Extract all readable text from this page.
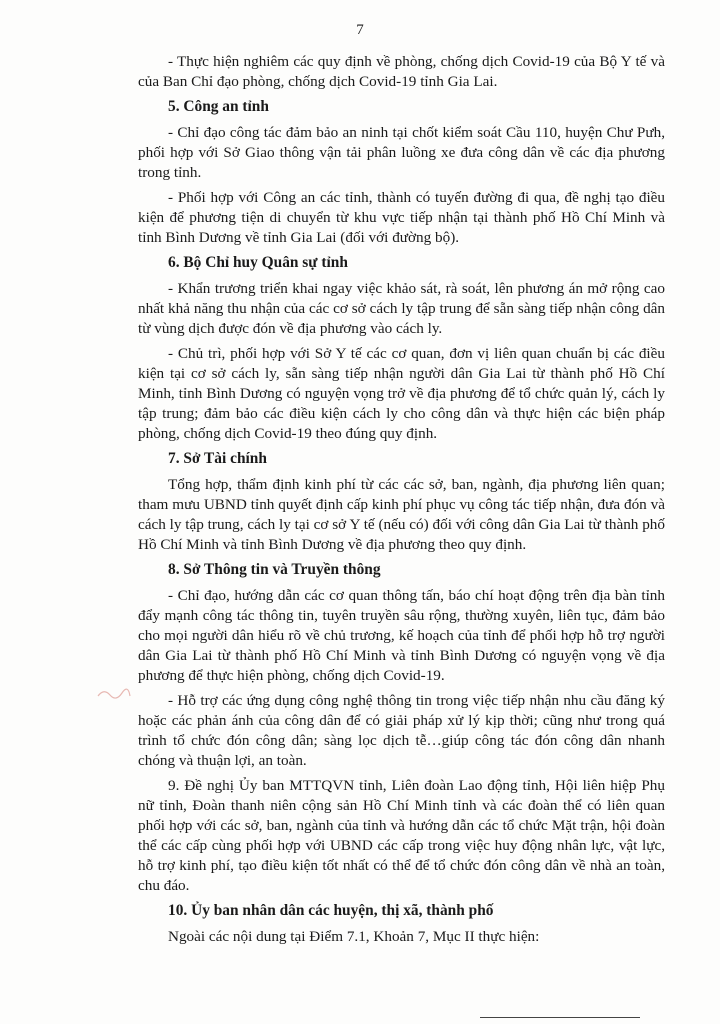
7

- Thực hiện nghiêm các quy định về phòng, chống dịch Covid-19 của Bộ Y tế và của Ban Chỉ đạo phòng, chống dịch Covid-19 tỉnh Gia Lai.

5. Công an tỉnh

- Chỉ đạo công tác đảm bảo an ninh tại chốt kiểm soát Cầu 110, huyện Chư Pưh, phối hợp với Sở Giao thông vận tải phân luồng xe đưa công dân về các địa phương trong tỉnh.

- Phối hợp với Công an các tỉnh, thành có tuyến đường đi qua, đề nghị tạo điều kiện để phương tiện di chuyển từ khu vực tiếp nhận tại thành phố Hồ Chí Minh và tỉnh Bình Dương về tỉnh Gia Lai (đối với đường bộ).

6. Bộ Chỉ huy Quân sự tỉnh

- Khẩn trương triển khai ngay việc khảo sát, rà soát, lên phương án mở rộng cao nhất khả năng thu nhận của các cơ sở cách ly tập trung để sẵn sàng tiếp nhận công dân từ vùng dịch được đón về địa phương vào cách ly.

- Chủ trì, phối hợp với Sở Y tế các cơ quan, đơn vị liên quan chuẩn bị các điều kiện tại cơ sở cách ly, sẵn sàng tiếp nhận người dân Gia Lai từ thành phố Hồ Chí Minh, tỉnh Bình Dương có nguyện vọng trở về địa phương để tổ chức quản lý, cách ly tập trung; đảm bảo các điều kiện cách ly cho công dân và thực hiện các biện pháp phòng, chống dịch Covid-19 theo đúng quy định.

7. Sở Tài chính

Tổng hợp, thẩm định kinh phí từ các các sở, ban, ngành, địa phương liên quan; tham mưu UBND tỉnh quyết định cấp kinh phí phục vụ công tác tiếp nhận, đưa đón và cách ly tập trung, cách ly tại cơ sở Y tế (nếu có) đối với công dân Gia Lai từ thành phố Hồ Chí Minh và tỉnh Bình Dương về địa phương theo quy định.

8. Sở Thông tin và Truyền thông

- Chỉ đạo, hướng dẫn các cơ quan thông tấn, báo chí hoạt động trên địa bàn tỉnh đẩy mạnh công tác thông tin, tuyên truyền sâu rộng, thường xuyên, liên tục, đảm bảo cho mọi người dân hiểu rõ về chủ trương, kế hoạch của tỉnh để phối hợp hỗ trợ người dân Gia Lai từ thành phố Hồ Chí Minh và tỉnh Bình Dương có nguyện vọng về địa phương để thực hiện phòng, chống dịch Covid-19.

- Hỗ trợ các ứng dụng công nghệ thông tin trong việc tiếp nhận nhu cầu đăng ký hoặc các phản ánh của công dân để có giải pháp xử lý kịp thời; cũng như trong quá trình tổ chức đón công dân; sàng lọc dịch tễ…giúp công tác đón công dân nhanh chóng và thuận lợi, an toàn.

9. Đề nghị Ủy ban MTTQVN tỉnh, Liên đoàn Lao động tỉnh, Hội liên hiệp Phụ nữ tỉnh, Đoàn thanh niên cộng sản Hồ Chí Minh tỉnh và các đoàn thể có liên quan phối hợp với các sở, ban, ngành của tỉnh và hướng dẫn các tổ chức Mặt trận, hội đoàn thể các cấp cùng phối hợp với UBND các cấp trong việc huy động nhân lực, vật lực, hỗ trợ kinh phí, tạo điều kiện tốt nhất có thể để tổ chức đón công dân về nhà an toàn, chu đáo.

10. Ủy ban nhân dân các huyện, thị xã, thành phố

Ngoài các nội dung tại Điểm 7.1, Khoản 7, Mục II thực hiện:
